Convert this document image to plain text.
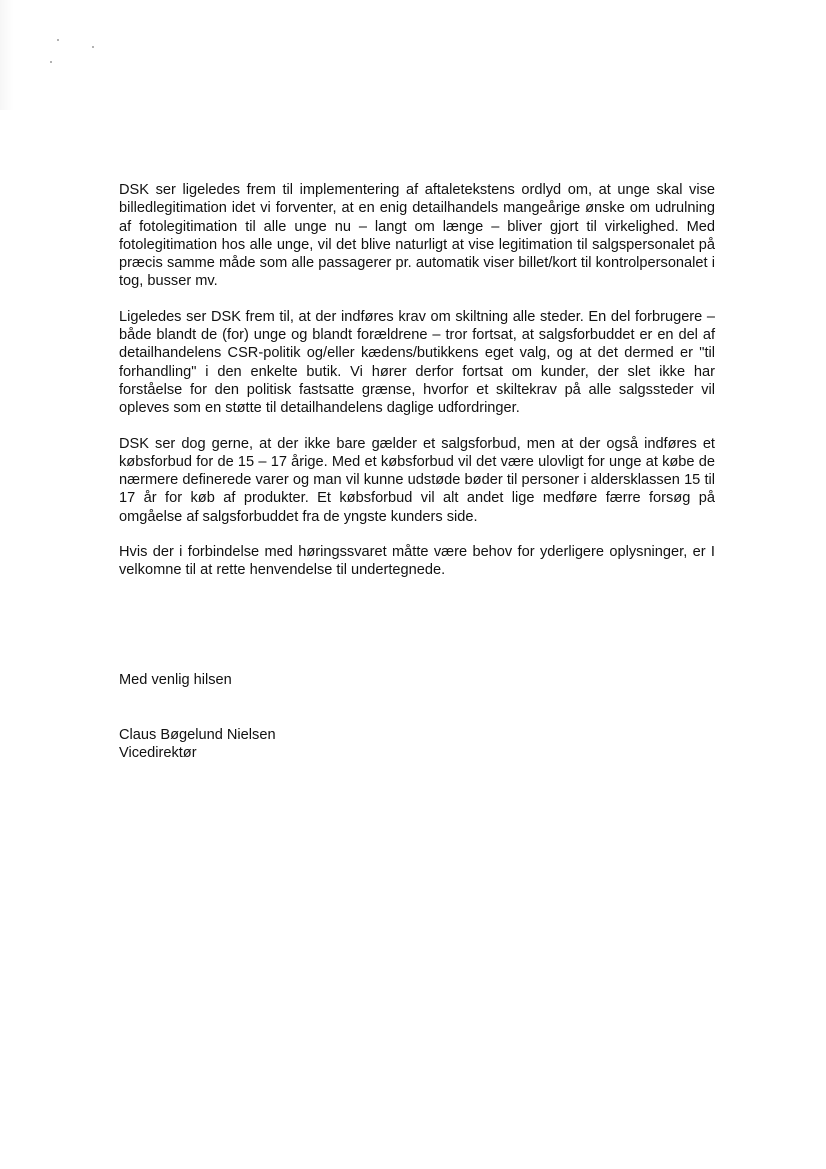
DSK ser ligeledes frem til implementering af aftaletekstens ordlyd om, at unge skal vise billedlegitimation idet vi forventer, at en enig detailhandels mangeårige ønske om udrulning af fotolegitimation til alle unge nu – langt om længe – bliver gjort til virkelighed. Med fotolegitimation hos alle unge, vil det blive naturligt at vise legitimation til salgspersonalet på præcis samme måde som alle passagerer pr. automatik viser billet/kort til kontrolpersonalet i tog, busser mv.

Ligeledes ser DSK frem til, at der indføres krav om skiltning alle steder. En del forbrugere – både blandt de (for) unge og blandt forældrene – tror fortsat, at salgsforbuddet er en del af detailhandelens CSR-politik og/eller kædens/butikkens eget valg, og at det dermed er "til forhandling" i den enkelte butik. Vi hører derfor fortsat om kunder, der slet ikke har forståelse for den politisk fastsatte grænse, hvorfor et skiltekrav på alle salgssteder vil opleves som en støtte til detailhandelens daglige udfordringer.

DSK ser dog gerne, at der ikke bare gælder et salgsforbud, men at der også indføres et købsforbud for de 15 – 17 årige. Med et købsforbud vil det være ulovligt for unge at købe de nærmere definerede varer og man vil kunne udstøde bøder til personer i aldersklassen 15 til 17 år for køb af produkter. Et købsforbud vil alt andet lige medføre færre forsøg på omgåelse af salgsforbuddet fra de yngste kunders side.

Hvis der i forbindelse med høringssvaret måtte være behov for yderligere oplysninger, er I velkomne til at rette henvendelse til undertegnede.

Med venlig hilsen

Claus Bøgelund Nielsen
Vicedirektør
